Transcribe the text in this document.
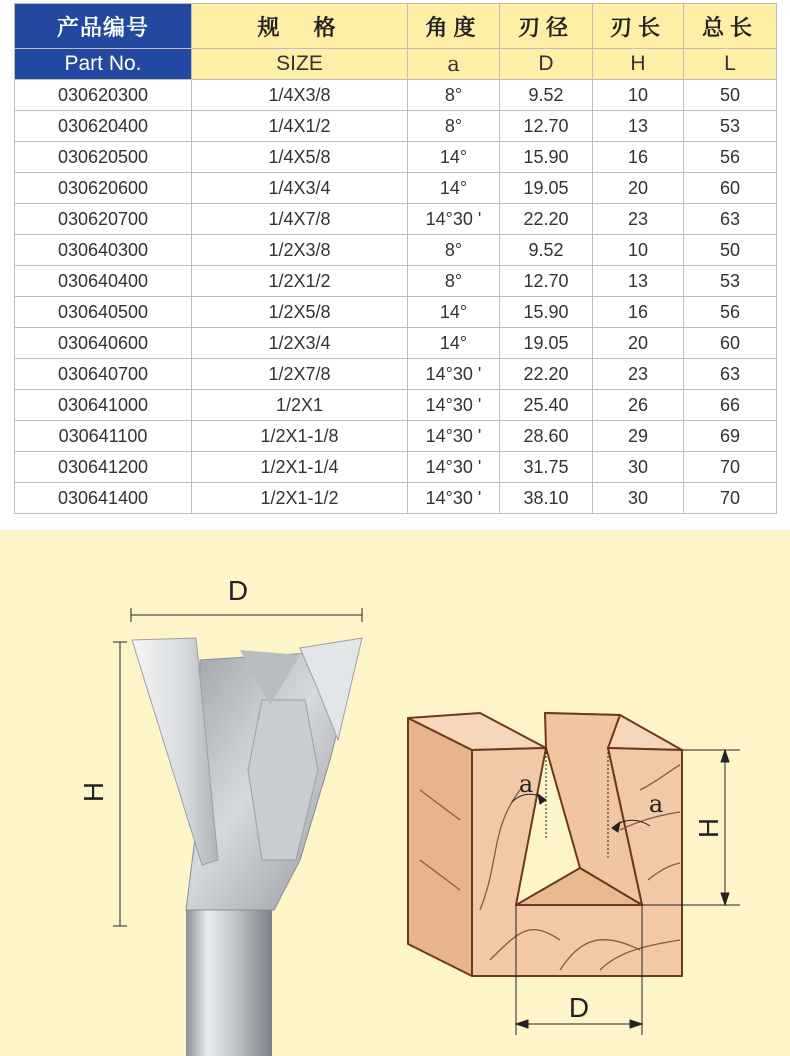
产品编号	规　格	角度	刃径	刃长	总长
Part No.	SIZE	a	D	H	L
030620300	1/4X3/8	8°	9.52	10	50
030620400	1/4X1/2	8°	12.70	13	53
030620500	1/4X5/8	14°	15.90	16	56
030620600	1/4X3/4	14°	19.05	20	60
030620700	1/4X7/8	14°30 '	22.20	23	63
030640300	1/2X3/8	8°	9.52	10	50
030640400	1/2X1/2	8°	12.70	13	53
030640500	1/2X5/8	14°	15.90	16	56
030640600	1/2X3/4	14°	19.05	20	60
030640700	1/2X7/8	14°30 '	22.20	23	63
030641000	1/2X1	14°30 '	25.40	26	66
030641100	1/2X1-1/8	14°30 '	28.60	29	69
030641200	1/2X1-1/4	14°30 '	31.75	30	70
030641400	1/2X1-1/2	14°30 '	38.10	30	70
D
H
H
D
a
a
